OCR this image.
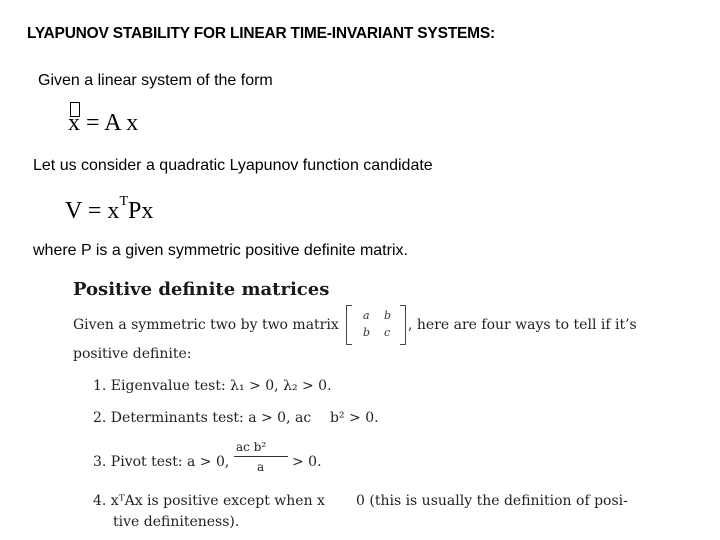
LYAPUNOV STABILITY FOR LINEAR TIME-INVARIANT SYSTEMS:
Given a linear system of the form
x = A x
Let us consider a quadratic Lyapunov function candidate
$V = x^TPx$
where P is a given symmetric positive definite matrix.
Positive definite matrices
Given a symmetric two by two matrix
a b
b c , here are four ways to tell if it’s
positive definite:
1. Eigenvalue test: λ₁ > 0, λ₂ > 0.
2. Determinants test: a > 0, ac b² > 0.
3. Pivot test: a > 0,
ac b²
a > 0.
4. xᵀAx is positive except when x 0 (this is usually the definition of posi-
tive definiteness).
